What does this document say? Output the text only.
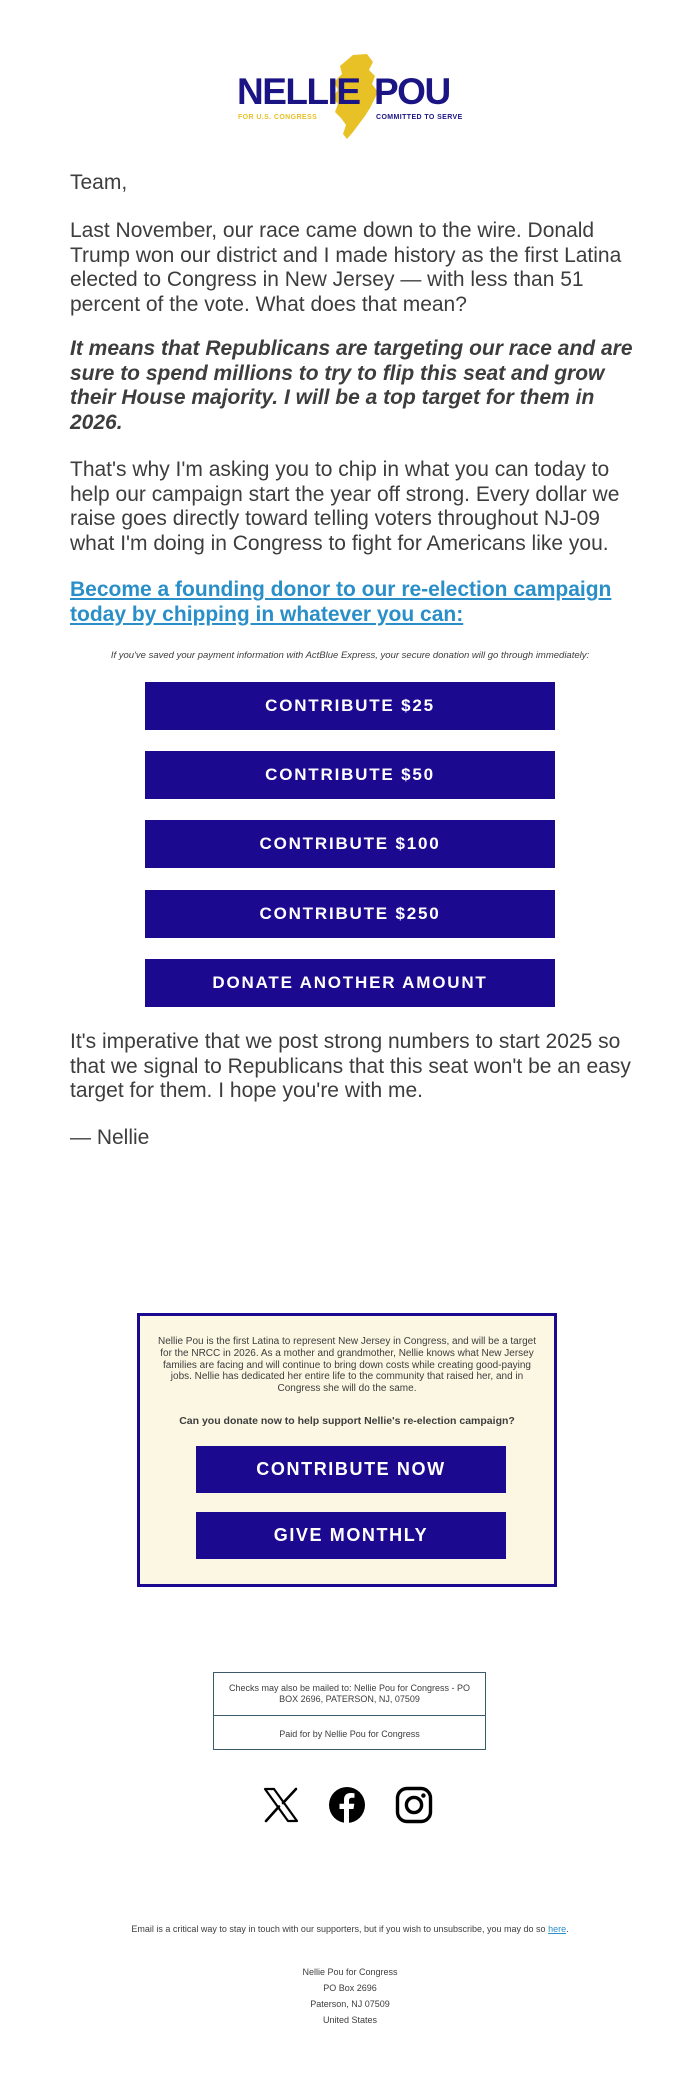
NELLIE POU
FOR U.S. CONGRESS	COMMITTED TO SERVE

Team,

Last November, our race came down to the wire. Donald Trump won our district and I made history as the first Latina elected to Congress in New Jersey — with less than 51 percent of the vote. What does that mean?

It means that Republicans are targeting our race and are sure to spend millions to try to flip this seat and grow their House majority. I will be a top target for them in 2026.

That's why I'm asking you to chip in what you can today to help our campaign start the year off strong. Every dollar we raise goes directly toward telling voters throughout NJ-09 what I'm doing in Congress to fight for Americans like you.

Become a founding donor to our re-election campaign today by chipping in whatever you can:
If you've saved your payment information with ActBlue Express, your secure donation will go through immediately:
CONTRIBUTE $25
CONTRIBUTE $50
CONTRIBUTE $100
CONTRIBUTE $250
DONATE ANOTHER AMOUNT

It's imperative that we post strong numbers to start 2025 so that we signal to Republicans that this seat won't be an easy target for them. I hope you're with me.

— Nellie

Nellie Pou is the first Latina to represent New Jersey in Congress, and will be a target for the NRCC in 2026. As a mother and grandmother, Nellie knows what New Jersey families are facing and will continue to bring down costs while creating good-paying jobs. Nellie has dedicated her entire life to the community that raised her, and in Congress she will do the same.
Can you donate now to help support Nellie's re-election campaign?
CONTRIBUTE NOW
GIVE MONTHLY
Checks may also be mailed to: Nellie Pou for Congress - PO BOX 2696, PATERSON, NJ, 07509
Paid for by Nellie Pou for Congress
Email is a critical way to stay in touch with our supporters, but if you wish to unsubscribe, you may do so here.
Nellie Pou for Congress
PO Box 2696
Paterson, NJ 07509
United States
